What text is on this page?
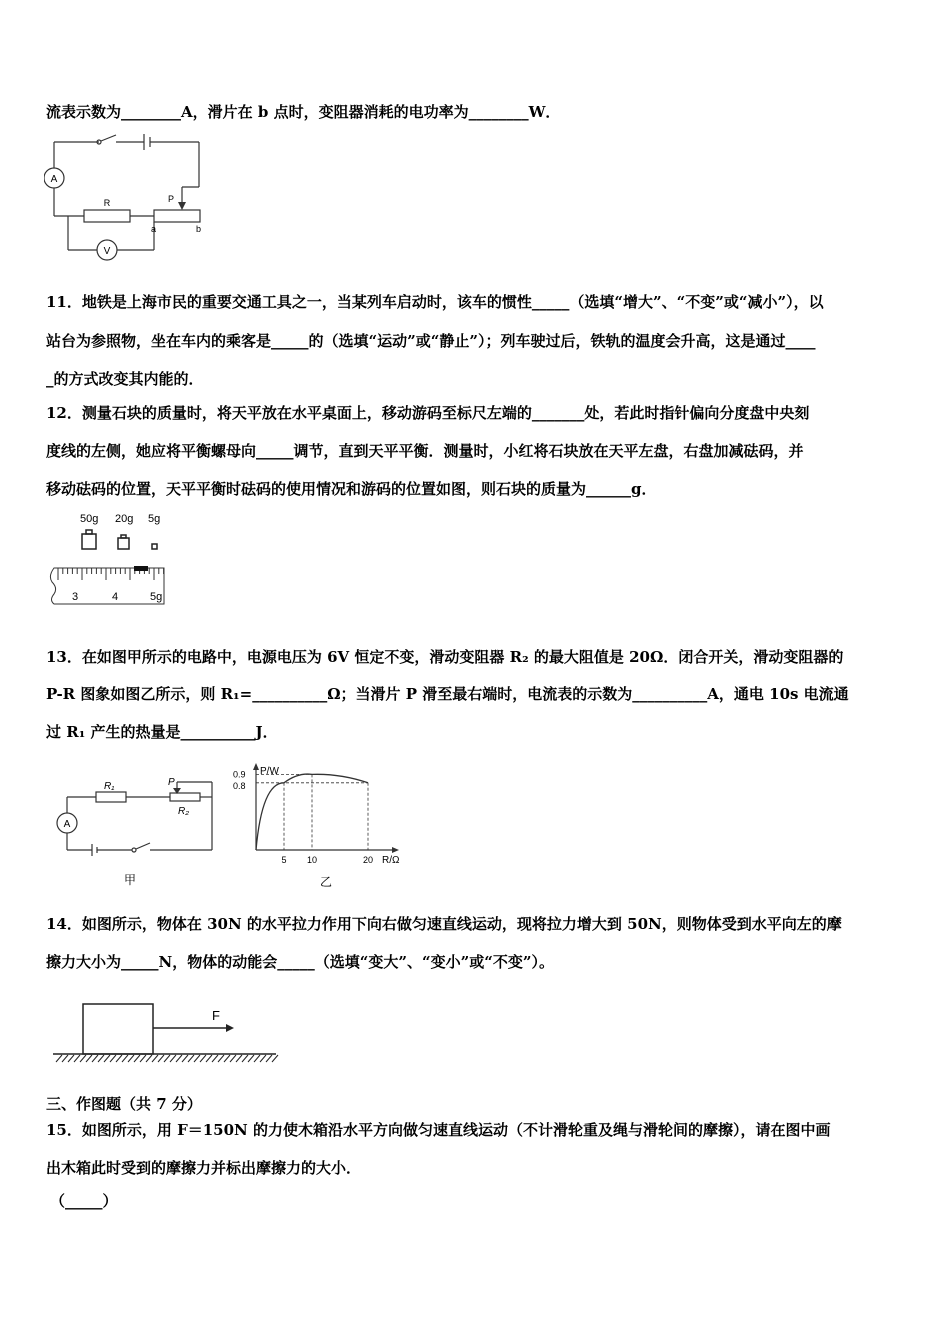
流表示数为________A，滑片在 b 点时，变阻器消耗的电功率为________W．
A
V
R	P
a	b
11．地铁是上海市民的重要交通工具之一，当某列车启动时，该车的惯性_____（选填“增大”、“不变”或“减小”），以
站台为参照物，坐在车内的乘客是_____的（选填“运动”或“静止”）；列车驶过后，铁轨的温度会升高，这是通过____
_的方式改变其内能的．
12．测量石块的质量时，将天平放在水平桌面上，移动游码至标尺左端的_______处，若此时指针偏向分度盘中央刻
度线的左侧，她应将平衡螺母向_____调节，直到天平平衡．测量时，小红将石块放在天平左盘，右盘加减砝码，并
移动砝码的位置，天平平衡时砝码的使用情况和游码的位置如图，则石块的质量为______g．
50g 20g 5g
3	4	5g
13．在如图甲所示的电路中，电源电压为 6V 恒定不变，滑动变阻器 R₂ 的最大阻值是 20Ω．闭合开关，滑动变阻器的
P-R 图象如图乙所示，则 R₁=__________Ω；当滑片 P 滑至最右端时，电流表的示数为__________A，通电 10s 电流通
过 R₁ 产生的热量是__________J．
R₁	P
R₂
A
甲
P/W
R/Ω
0.9
0.8
5 10	20
乙
14．如图所示，物体在 30N 的水平拉力作用下向右做匀速直线运动，现将拉力增大到 50N，则物体受到水平向左的摩
擦力大小为_____N，物体的动能会_____（选填“变大”、“变小”或“不变”）。
F
三、作图题（共 7 分）
15．如图所示，用 F＝150N 的力使木箱沿水平方向做匀速直线运动（不计滑轮重及绳与滑轮间的摩擦），请在图中画
出木箱此时受到的摩擦力并标出摩擦力的大小．
（_____）
